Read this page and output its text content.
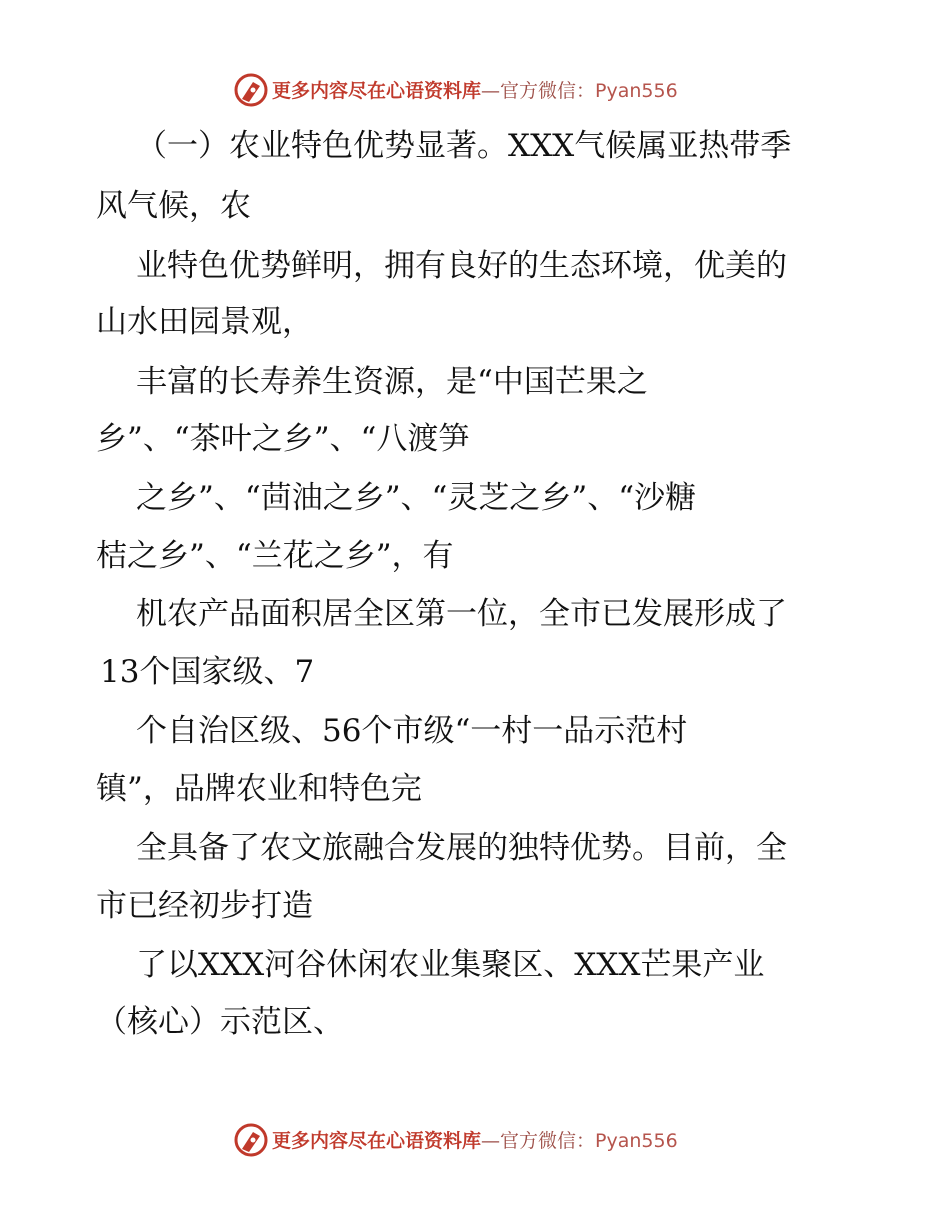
更多内容尽在心语资料库—官方微信：Pyan556
（一）农业特色优势显著。XXX气候属亚热带季
风气候，农
业特色优势鲜明，拥有良好的生态环境，优美的
山水田园景观，
丰富的长寿养生资源，是“中国芒果之
乡”、“茶叶之乡”、“八渡笋
之乡”、“茴油之乡”、“灵芝之乡”、“沙糖
桔之乡”、“兰花之乡”，有
机农产品面积居全区第一位，全市已发展形成了
13个国家级、7
个自治区级、56个市级“一村一品示范村
镇”，品牌农业和特色完
全具备了农文旅融合发展的独特优势。目前，全
市已经初步打造
了以XXX河谷休闲农业集聚区、XXX芒果产业
（核心）示范区、
更多内容尽在心语资料库—官方微信：Pyan556
